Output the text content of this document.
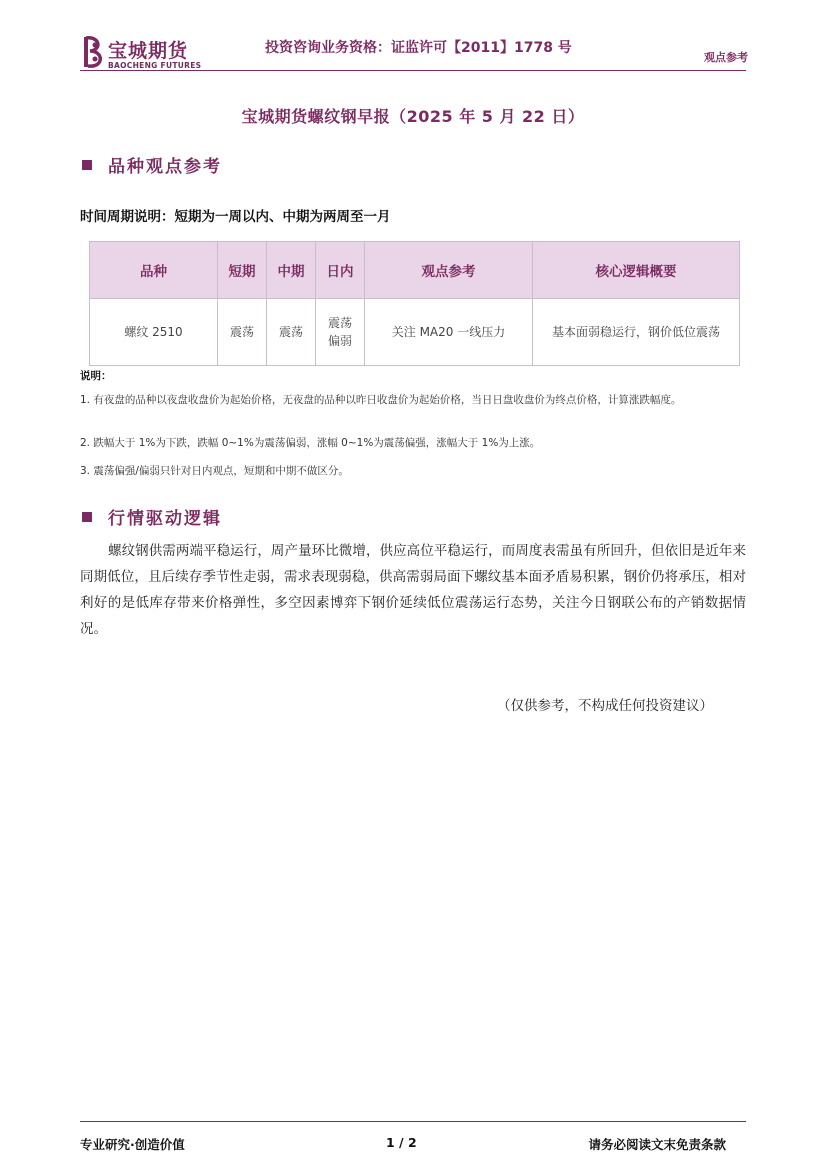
宝城期货
BAOCHENG FUTURES
投资咨询业务资格：证监许可【2011】1778 号
观点参考
宝城期货螺纹钢早报（2025 年 5 月 22 日）
品种观点参考
时间周期说明：短期为一周以内、中期为两周至一月
品种	短期	中期	日内	观点参考	核心逻辑概要
螺纹 2510	震荡	震荡	震荡偏弱	关注 MA20 一线压力	基本面弱稳运行，钢价低位震荡
说明：
1. 有夜盘的品种以夜盘收盘价为起始价格，无夜盘的品种以昨日收盘价为起始价格，当日日盘收盘价为终点价格，计算涨跌幅度。
2. 跌幅大于 1%为下跌，跌幅 0~1%为震荡偏弱，涨幅 0~1%为震荡偏强，涨幅大于 1%为上涨。
3. 震荡偏强/偏弱只针对日内观点，短期和中期不做区分。
行情驱动逻辑
螺纹钢供需两端平稳运行，周产量环比微增，供应高位平稳运行，而周度表需虽有所回升，但依旧是近年来同期低位，且后续存季节性走弱，需求表现弱稳，供高需弱局面下螺纹基本面矛盾易积累，钢价仍将承压，相对利好的是低库存带来价格弹性，多空因素博弈下钢价延续低位震荡运行态势，关注今日钢联公布的产销数据情况。
（仅供参考，不构成任何投资建议）
专业研究·创造价值	1 / 2	请务必阅读文末免责条款
